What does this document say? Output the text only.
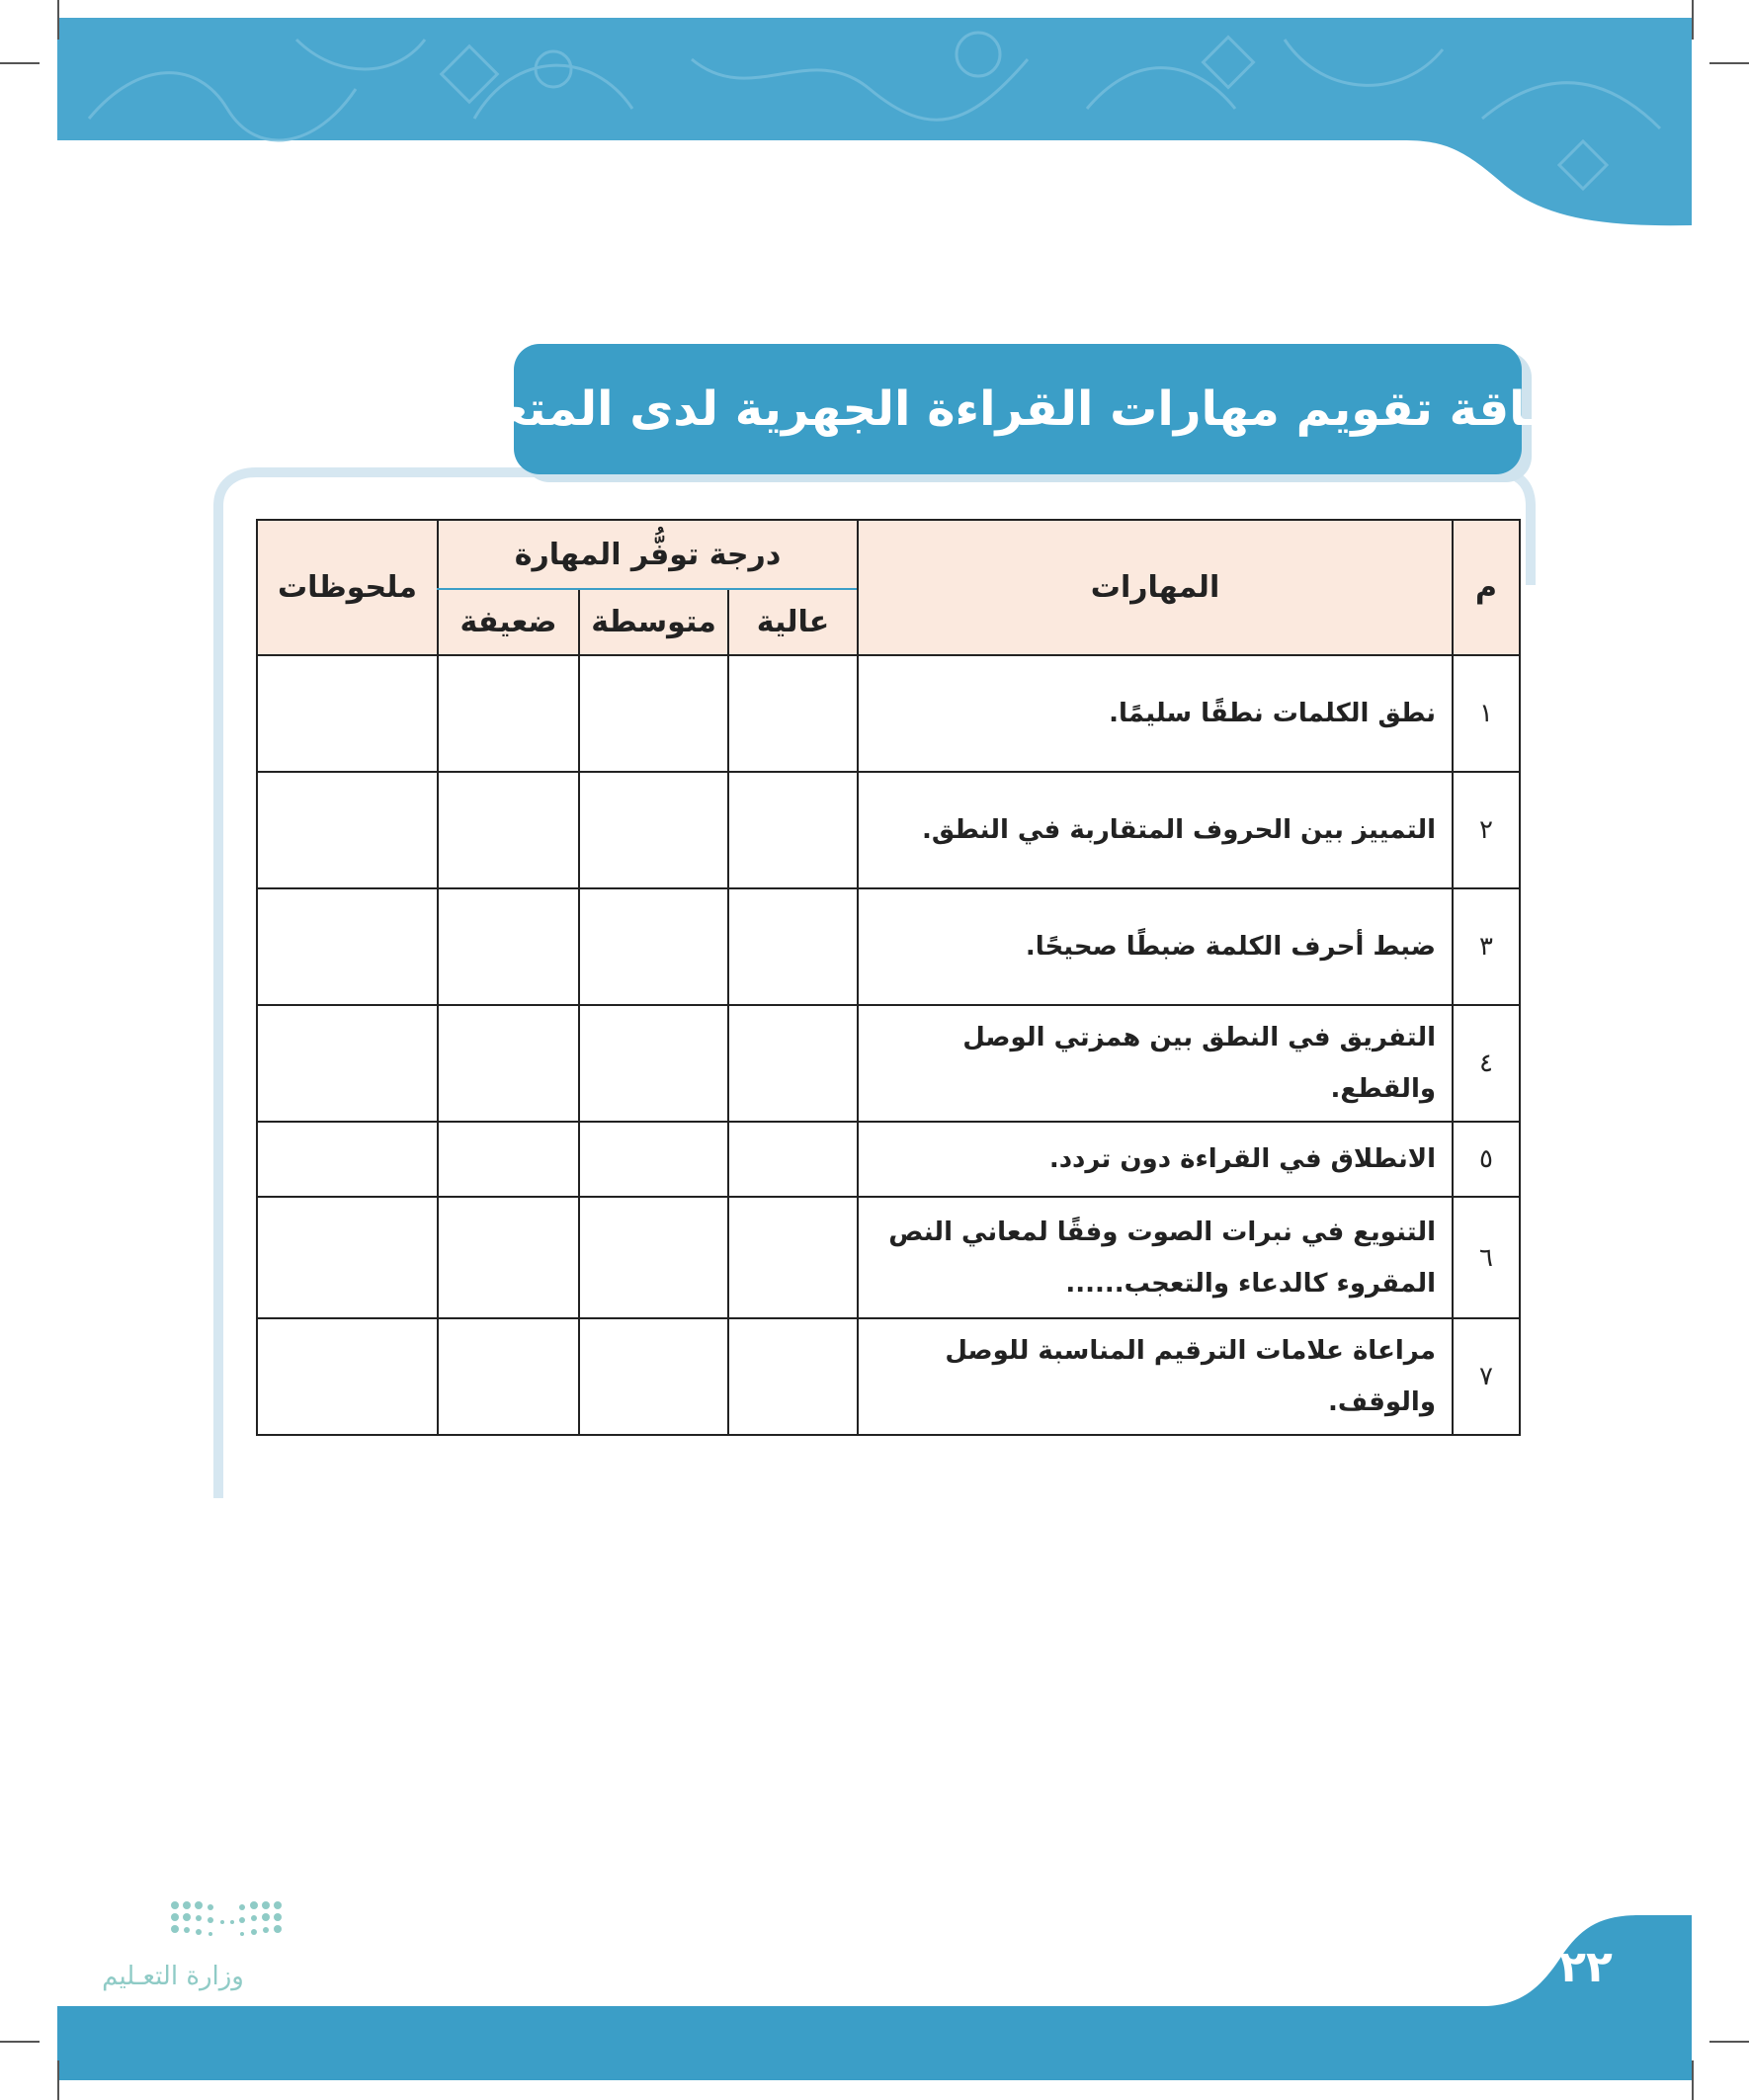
بطاقة تقويم مهارات القراءة الجهرية لدى المتعلم
م	المهارات	درجة توفُّر المهارة			ملحوظات
		عالية	متوسطة	ضعيفة	
١	نطق الكلمات نطقًا سليمًا.				
٢	التمييز بين الحروف المتقاربة في النطق.				
٣	ضبط أحرف الكلمة ضبطًا صحيحًا.				
٤	التفريق في النطق بين همزتي الوصل والقطع.				
٥	الانطلاق في القراءة دون تردد.				
٦	التنويع في نبرات الصوت وفقًا لمعاني النص المقروء كالدعاء والتعجب......				
٧	مراعاة علامات الترقيم المناسبة للوصل والوقف.				
وزارة التعـليم	٢٢
